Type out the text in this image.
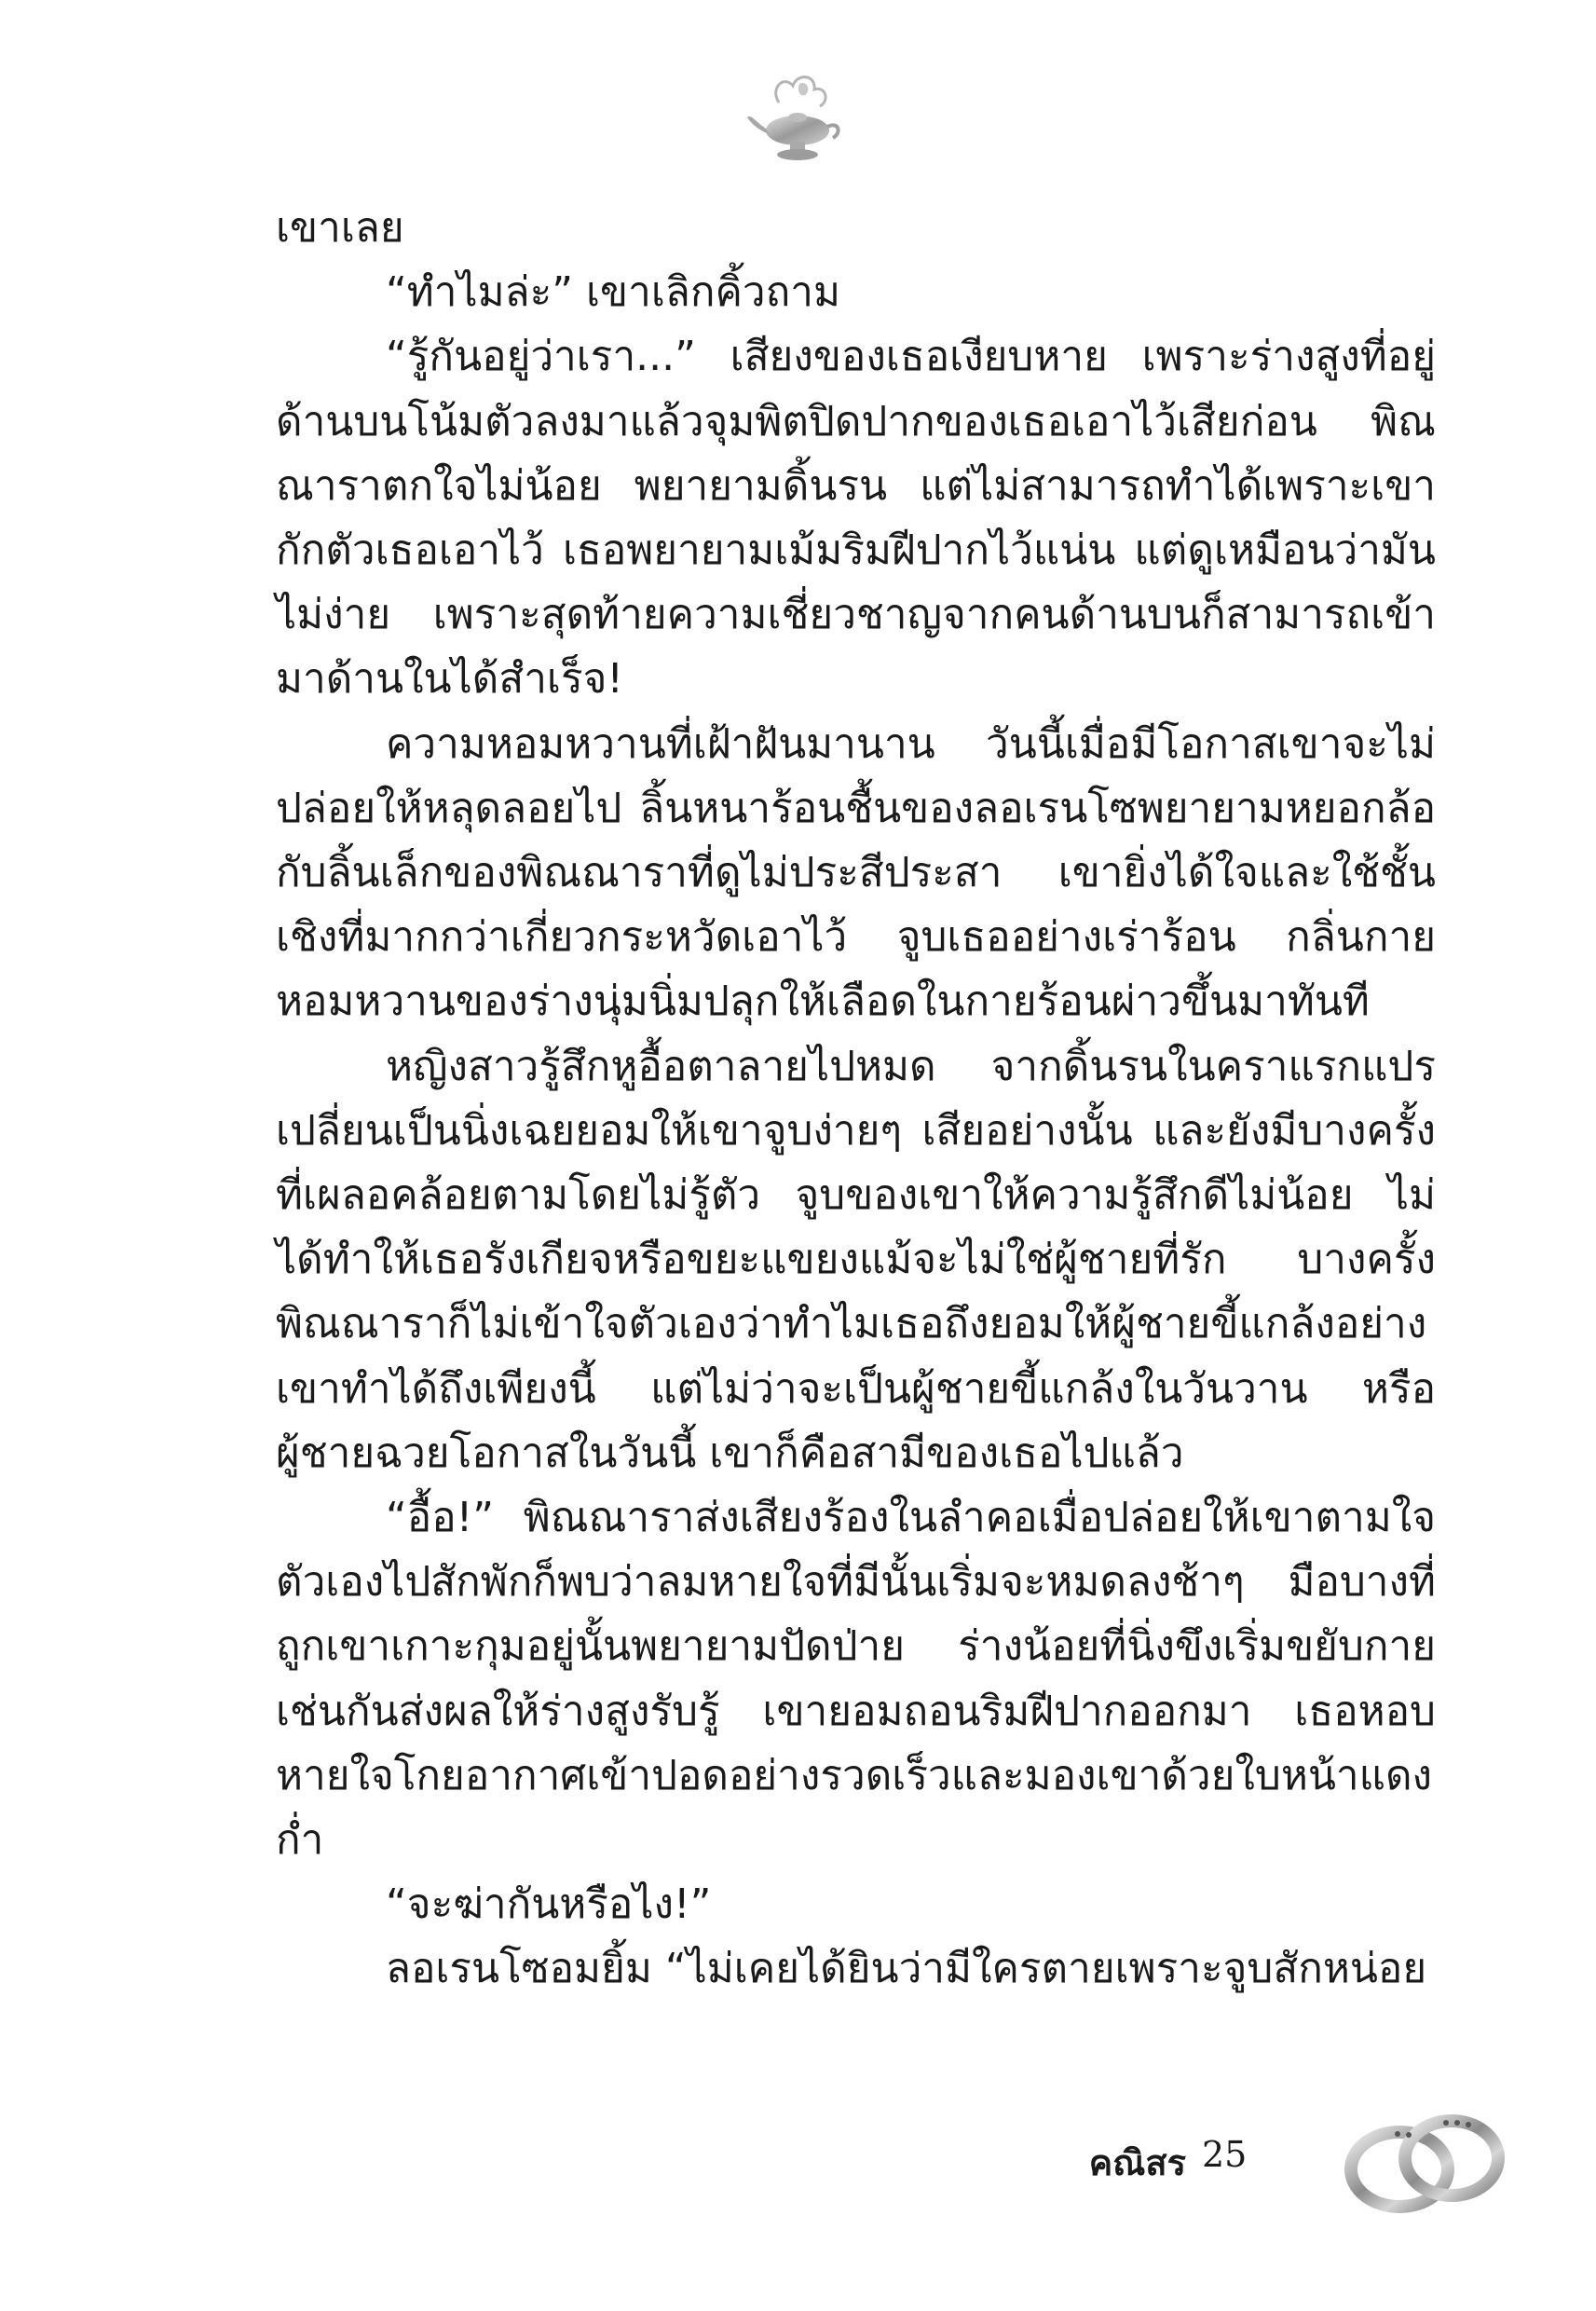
เขาเลย

“ทำไมล่ะ” เขาเลิกคิ้วถาม

“รู้กันอยู่ว่าเรา...” เสียงของเธอเงียบหาย เพราะร่างสูงที่อยู่ด้านบนโน้มตัวลงมาแล้วจุมพิตปิดปากของเธอเอาไว้เสียก่อน พิณณาราตกใจไม่น้อย พยายามดิ้นรน แต่ไม่สามารถทำได้เพราะเขากักตัวเธอเอาไว้ เธอพยายามเม้มริมฝีปากไว้แน่น แต่ดูเหมือนว่ามันไม่ง่าย เพราะสุดท้ายความเชี่ยวชาญจากคนด้านบนก็สามารถเข้ามาด้านในได้สำเร็จ!

ความหอมหวานที่เฝ้าฝันมานาน วันนี้เมื่อมีโอกาสเขาจะไม่ปล่อยให้หลุดลอยไป ลิ้นหนาร้อนชื้นของลอเรนโซพยายามหยอกล้อกับลิ้นเล็กของพิณณาราที่ดูไม่ประสีประสา เขายิ่งได้ใจและใช้ชั้นเชิงที่มากกว่าเกี่ยวกระหวัดเอาไว้ จูบเธออย่างเร่าร้อน กลิ่นกายหอมหวานของร่างนุ่มนิ่มปลุกให้เลือดในกายร้อนผ่าวขึ้นมาทันที

หญิงสาวรู้สึกหูอื้อตาลายไปหมด จากดิ้นรนในคราแรกแปรเปลี่ยนเป็นนิ่งเฉยยอมให้เขาจูบง่ายๆ เสียอย่างนั้น และยังมีบางครั้งที่เผลอคล้อยตามโดยไม่รู้ตัว จูบของเขาให้ความรู้สึกดีไม่น้อย ไม่ได้ทำให้เธอรังเกียจหรือขยะแขยงแม้จะไม่ใช่ผู้ชายที่รัก บางครั้งพิณณาราก็ไม่เข้าใจตัวเองว่าทำไมเธอถึงยอมให้ผู้ชายขี้แกล้งอย่างเขาทำได้ถึงเพียงนี้ แต่ไม่ว่าจะเป็นผู้ชายขี้แกล้งในวันวาน หรือผู้ชายฉวยโอกาสในวันนี้ เขาก็คือสามีของเธอไปแล้ว

“อื้อ!” พิณณาราส่งเสียงร้องในลำคอเมื่อปล่อยให้เขาตามใจตัวเองไปสักพักก็พบว่าลมหายใจที่มีนั้นเริ่มจะหมดลงช้าๆ มือบางที่ถูกเขาเกาะกุมอยู่นั้นพยายามปัดป่าย ร่างน้อยที่นิ่งขึงเริ่มขยับกายเช่นกันส่งผลให้ร่างสูงรับรู้ เขายอมถอนริมฝีปากออกมา เธอหอบหายใจโกยอากาศเข้าปอดอย่างรวดเร็วและมองเขาด้วยใบหน้าแดงก่ำ

“จะฆ่ากันหรือไง!”

ลอเรนโซอมยิ้ม “ไม่เคยได้ยินว่ามีใครตายเพราะจูบสักหน่อย

คณิสร 25
